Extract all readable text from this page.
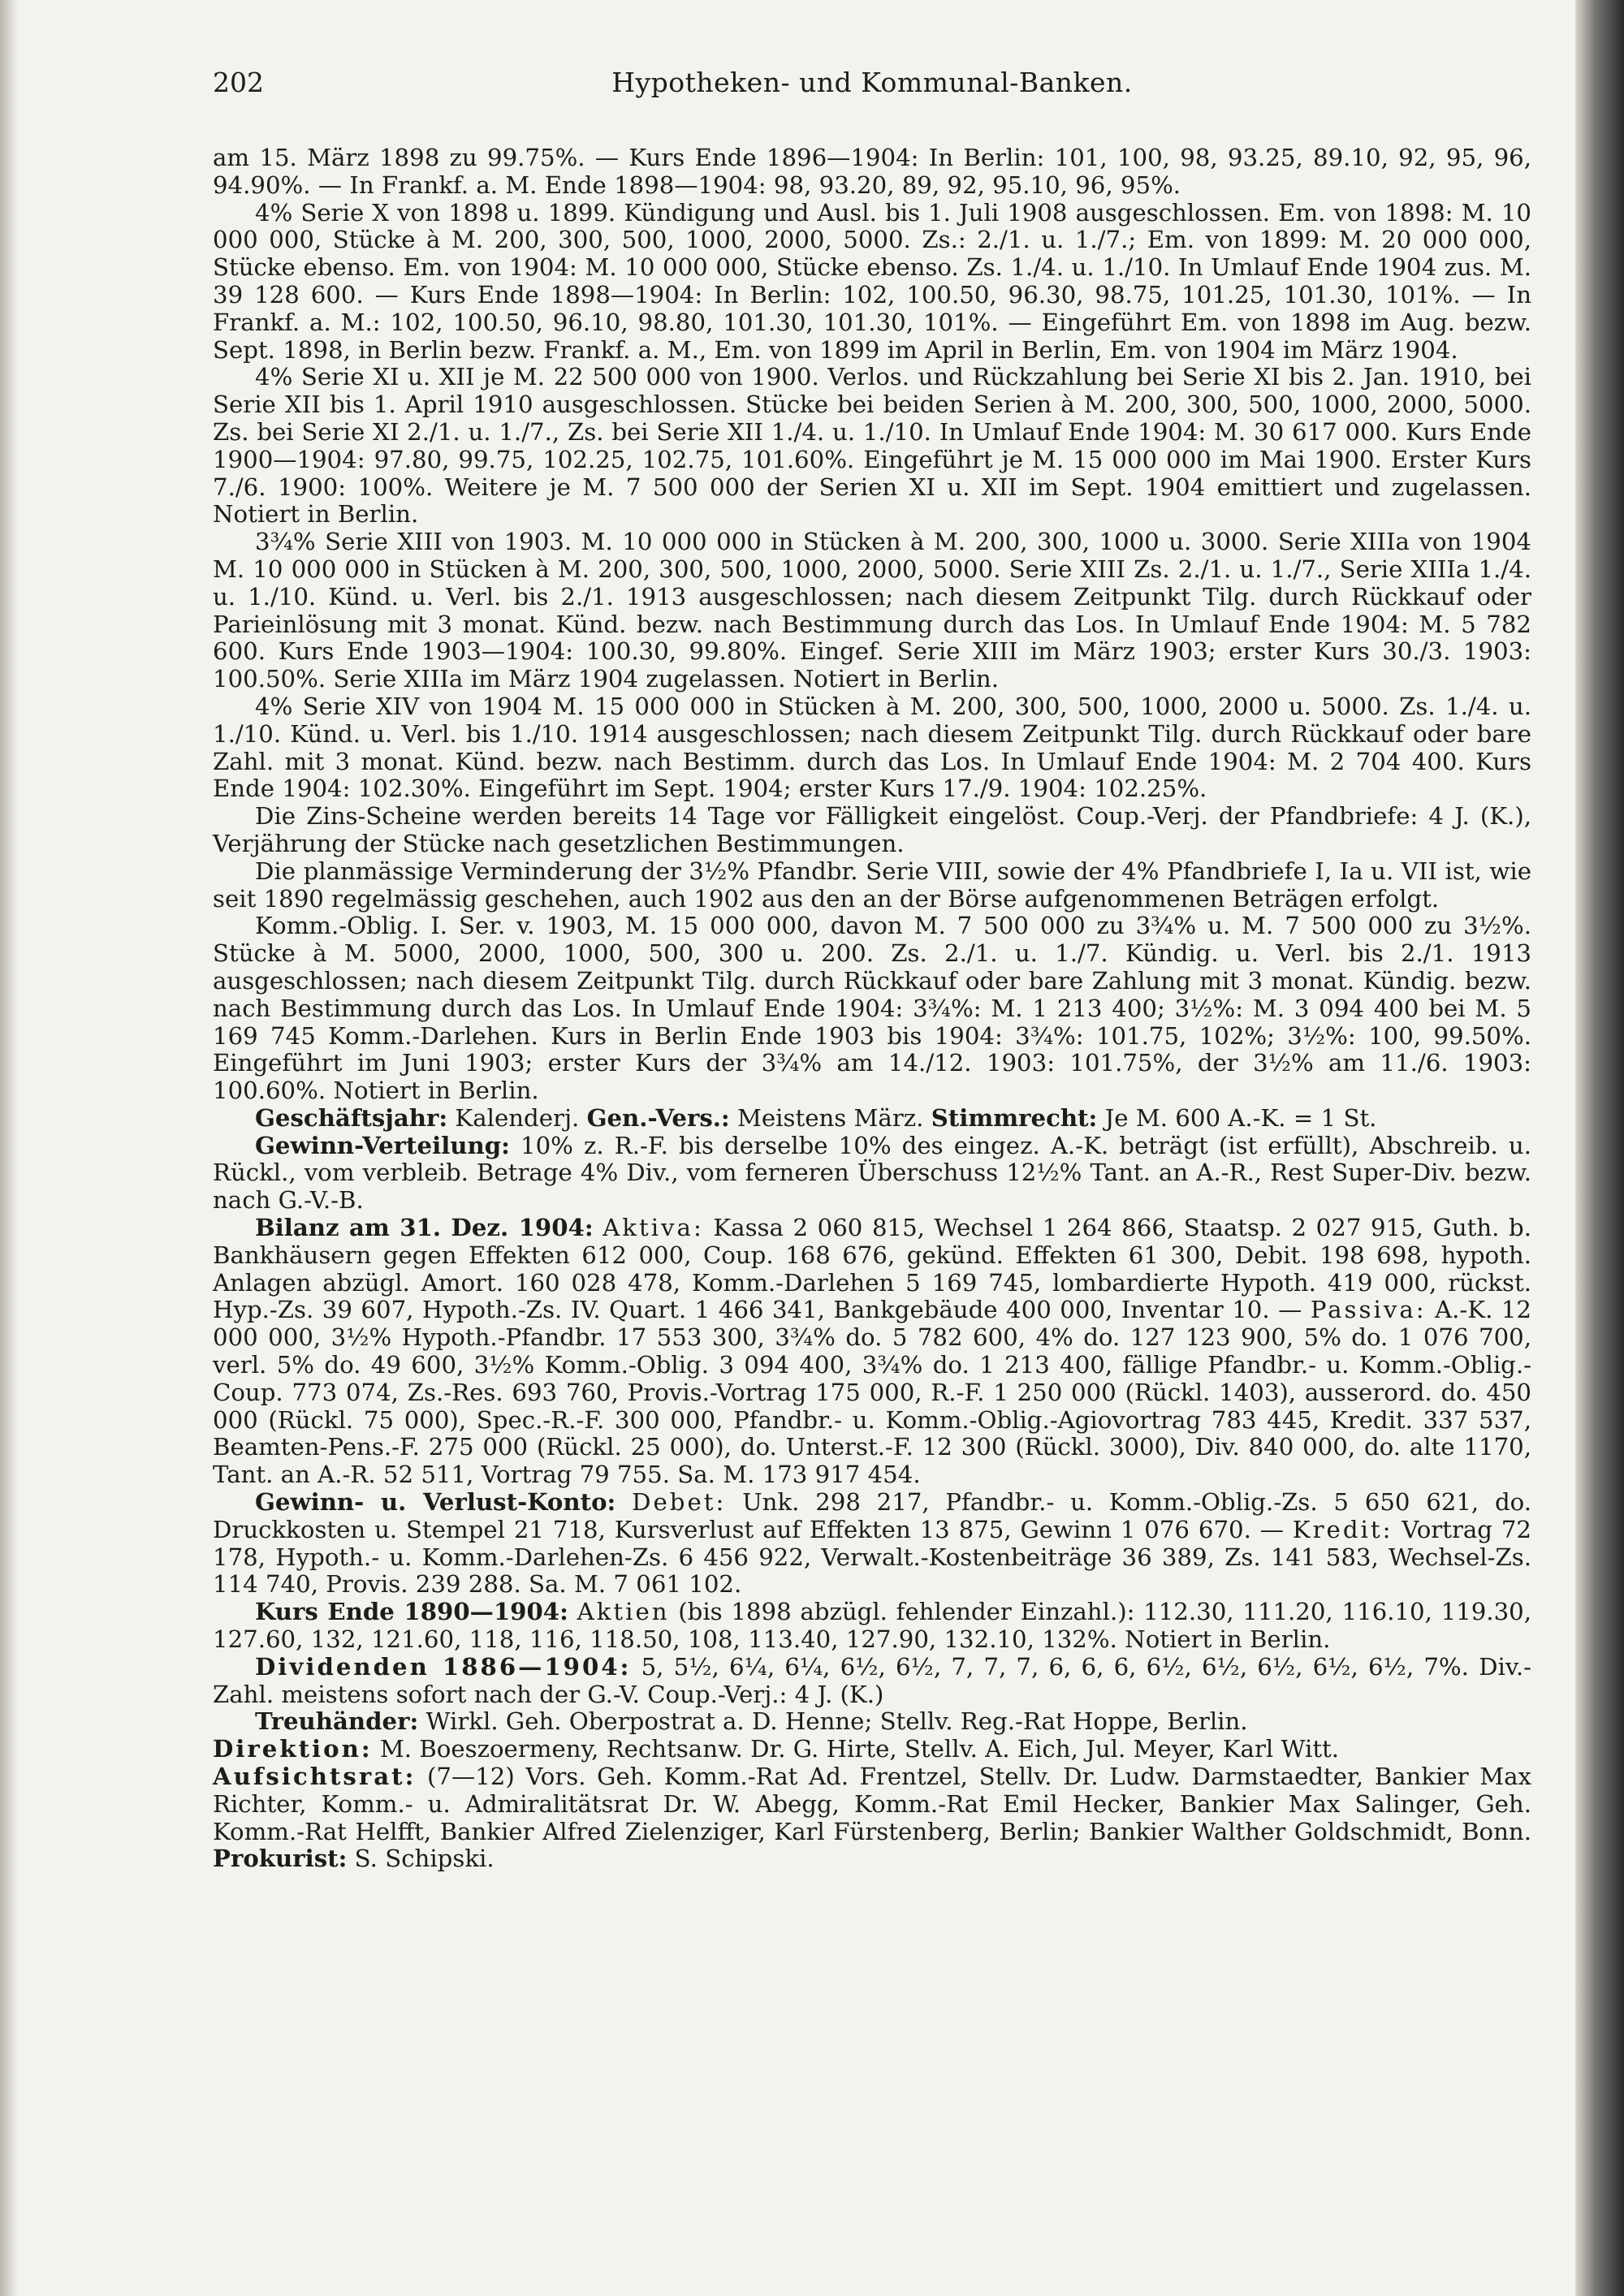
202	Hypotheken- und Kommunal-Banken.

am 15. März 1898 zu 99.75%. — Kurs Ende 1896—1904: In Berlin: 101, 100, 98, 93.25, 89.10, 92, 95, 96, 94.90%. — In Frankf. a. M. Ende 1898—1904: 98, 93.20, 89, 92, 95.10, 96, 95%.

4% Serie X von 1898 u. 1899. Kündigung und Ausl. bis 1. Juli 1908 ausgeschlossen. Em. von 1898: M. 10 000 000, Stücke à M. 200, 300, 500, 1000, 2000, 5000. Zs.: 2./1. u. 1./7.; Em. von 1899: M. 20 000 000, Stücke ebenso. Em. von 1904: M. 10 000 000, Stücke ebenso. Zs. 1./4. u. 1./10. In Umlauf Ende 1904 zus. M. 39 128 600. — Kurs Ende 1898—1904: In Berlin: 102, 100.50, 96.30, 98.75, 101.25, 101.30, 101%. — In Frankf. a. M.: 102, 100.50, 96.10, 98.80, 101.30, 101.30, 101%. — Eingeführt Em. von 1898 im Aug. bezw. Sept. 1898, in Berlin bezw. Frankf. a. M., Em. von 1899 im April in Berlin, Em. von 1904 im März 1904.

4% Serie XI u. XII je M. 22 500 000 von 1900. Verlos. und Rückzahlung bei Serie XI bis 2. Jan. 1910, bei Serie XII bis 1. April 1910 ausgeschlossen. Stücke bei beiden Serien à M. 200, 300, 500, 1000, 2000, 5000. Zs. bei Serie XI 2./1. u. 1./7., Zs. bei Serie XII 1./4. u. 1./10. In Umlauf Ende 1904: M. 30 617 000. Kurs Ende 1900—1904: 97.80, 99.75, 102.25, 102.75, 101.60%. Eingeführt je M. 15 000 000 im Mai 1900. Erster Kurs 7./6. 1900: 100%. Weitere je M. 7 500 000 der Serien XI u. XII im Sept. 1904 emittiert und zugelassen. Notiert in Berlin.

3¾% Serie XIII von 1903. M. 10 000 000 in Stücken à M. 200, 300, 1000 u. 3000. Serie XIIIa von 1904 M. 10 000 000 in Stücken à M. 200, 300, 500, 1000, 2000, 5000. Serie XIII Zs. 2./1. u. 1./7., Serie XIIIa 1./4. u. 1./10. Künd. u. Verl. bis 2./1. 1913 ausgeschlossen; nach diesem Zeitpunkt Tilg. durch Rückkauf oder Parieinlösung mit 3 monat. Künd. bezw. nach Bestimmung durch das Los. In Umlauf Ende 1904: M. 5 782 600. Kurs Ende 1903—1904: 100.30, 99.80%. Eingef. Serie XIII im März 1903; erster Kurs 30./3. 1903: 100.50%. Serie XIIIa im März 1904 zugelassen. Notiert in Berlin.

4% Serie XIV von 1904 M. 15 000 000 in Stücken à M. 200, 300, 500, 1000, 2000 u. 5000. Zs. 1./4. u. 1./10. Künd. u. Verl. bis 1./10. 1914 ausgeschlossen; nach diesem Zeitpunkt Tilg. durch Rückkauf oder bare Zahl. mit 3 monat. Künd. bezw. nach Bestimm. durch das Los. In Umlauf Ende 1904: M. 2 704 400. Kurs Ende 1904: 102.30%. Eingeführt im Sept. 1904; erster Kurs 17./9. 1904: 102.25%.

Die Zins-Scheine werden bereits 14 Tage vor Fälligkeit eingelöst. Coup.-Verj. der Pfandbriefe: 4 J. (K.), Verjährung der Stücke nach gesetzlichen Bestimmungen.

Die planmässige Verminderung der 3½% Pfandbr. Serie VIII, sowie der 4% Pfandbriefe I, Ia u. VII ist, wie seit 1890 regelmässig geschehen, auch 1902 aus den an der Börse aufgenommenen Beträgen erfolgt.

Komm.-Oblig. I. Ser. v. 1903, M. 15 000 000, davon M. 7 500 000 zu 3¾% u. M. 7 500 000 zu 3½%. Stücke à M. 5000, 2000, 1000, 500, 300 u. 200. Zs. 2./1. u. 1./7. Kündig. u. Verl. bis 2./1. 1913 ausgeschlossen; nach diesem Zeitpunkt Tilg. durch Rückkauf oder bare Zahlung mit 3 monat. Kündig. bezw. nach Bestimmung durch das Los. In Umlauf Ende 1904: 3¾%: M. 1 213 400; 3½%: M. 3 094 400 bei M. 5 169 745 Komm.-Darlehen. Kurs in Berlin Ende 1903 bis 1904: 3¾%: 101.75, 102%; 3½%: 100, 99.50%. Eingeführt im Juni 1903; erster Kurs der 3¾% am 14./12. 1903: 101.75%, der 3½% am 11./6. 1903: 100.60%. Notiert in Berlin.

Geschäftsjahr: Kalenderj. Gen.-Vers.: Meistens März. Stimmrecht: Je M. 600 A.-K. = 1 St.

Gewinn-Verteilung: 10% z. R.-F. bis derselbe 10% des eingez. A.-K. beträgt (ist erfüllt), Abschreib. u. Rückl., vom verbleib. Betrage 4% Div., vom ferneren Überschuss 12½% Tant. an A.-R., Rest Super-Div. bezw. nach G.-V.-B.

Bilanz am 31. Dez. 1904: Aktiva: Kassa 2 060 815, Wechsel 1 264 866, Staatsp. 2 027 915, Guth. b. Bankhäusern gegen Effekten 612 000, Coup. 168 676, gekünd. Effekten 61 300, Debit. 198 698, hypoth. Anlagen abzügl. Amort. 160 028 478, Komm.-Darlehen 5 169 745, lombardierte Hypoth. 419 000, rückst. Hyp.-Zs. 39 607, Hypoth.-Zs. IV. Quart. 1 466 341, Bankgebäude 400 000, Inventar 10. — Passiva: A.-K. 12 000 000, 3½% Hypoth.-Pfandbr. 17 553 300, 3¾% do. 5 782 600, 4% do. 127 123 900, 5% do. 1 076 700, verl. 5% do. 49 600, 3½% Komm.-Oblig. 3 094 400, 3¾% do. 1 213 400, fällige Pfandbr.- u. Komm.-Oblig.-Coup. 773 074, Zs.-Res. 693 760, Provis.-Vortrag 175 000, R.-F. 1 250 000 (Rückl. 1403), ausserord. do. 450 000 (Rückl. 75 000), Spec.-R.-F. 300 000, Pfandbr.- u. Komm.-Oblig.-Agiovortrag 783 445, Kredit. 337 537, Beamten-Pens.-F. 275 000 (Rückl. 25 000), do. Unterst.-F. 12 300 (Rückl. 3000), Div. 840 000, do. alte 1170, Tant. an A.-R. 52 511, Vortrag 79 755. Sa. M. 173 917 454.

Gewinn- u. Verlust-Konto: Debet: Unk. 298 217, Pfandbr.- u. Komm.-Oblig.-Zs. 5 650 621, do. Druckkosten u. Stempel 21 718, Kursverlust auf Effekten 13 875, Gewinn 1 076 670. — Kredit: Vortrag 72 178, Hypoth.- u. Komm.-Darlehen-Zs. 6 456 922, Verwalt.-Kostenbeiträge 36 389, Zs. 141 583, Wechsel-Zs. 114 740, Provis. 239 288. Sa. M. 7 061 102.

Kurs Ende 1890—1904: Aktien (bis 1898 abzügl. fehlender Einzahl.): 112.30, 111.20, 116.10, 119.30, 127.60, 132, 121.60, 118, 116, 118.50, 108, 113.40, 127.90, 132.10, 132%. Notiert in Berlin.

Dividenden 1886—1904: 5, 5½, 6¼, 6¼, 6½, 6½, 7, 7, 7, 6, 6, 6, 6½, 6½, 6½, 6½, 6½, 7%. Div.-Zahl. meistens sofort nach der G.-V. Coup.-Verj.: 4 J. (K.)

Treuhänder: Wirkl. Geh. Oberpostrat a. D. Henne; Stellv. Reg.-Rat Hoppe, Berlin.

Direktion: M. Boeszoermeny, Rechtsanw. Dr. G. Hirte, Stellv. A. Eich, Jul. Meyer, Karl Witt.

Aufsichtsrat: (7—12) Vors. Geh. Komm.-Rat Ad. Frentzel, Stellv. Dr. Ludw. Darmstaedter, Bankier Max Richter, Komm.- u. Admiralitätsrat Dr. W. Abegg, Komm.-Rat Emil Hecker, Bankier Max Salinger, Geh. Komm.-Rat Helfft, Bankier Alfred Zielenziger, Karl Fürstenberg, Berlin; Bankier Walther Goldschmidt, Bonn. Prokurist: S. Schipski.
